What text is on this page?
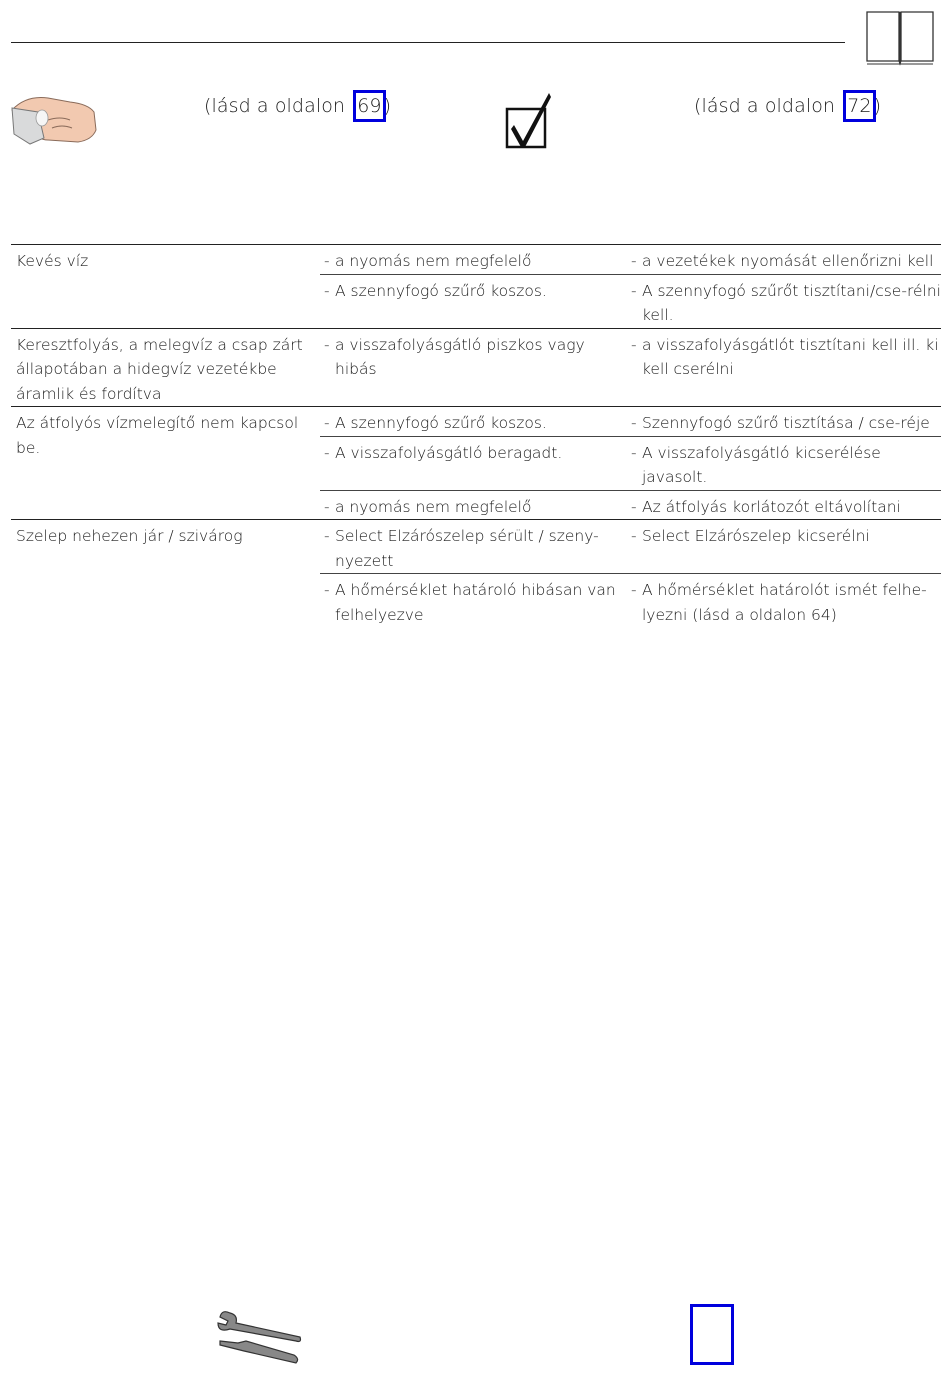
(lásd a oldalon 69 )	(lásd a oldalon 72 )
Kevés víz	- a nyomás nem megfelelő	- a vezetékek nyomását ellenőrizni kell

	- A szennyfogó szűrő koszos.	- A szennyfogó szűrőt tisztítani/cse-rélni kell.

Keresztfolyás, a melegvíz a csap zárt állapotában a hidegvíz vezetékbe áramlik és fordítva	- a visszafolyásgátló piszkos vagy hibás	- a visszafolyásgátlót tisztítani kell ill. ki kell cserélni

Az átfolyós vízmelegítő nem kapcsol be.	- A szennyfogó szűrő koszos.	- Szennyfogó szűrő tisztítása / cse-réje

	- A visszafolyásgátló beragadt.	- A visszafolyásgátló kicserélése javasolt.

	- a nyomás nem megfelelő	- Az átfolyás korlátozót eltávolítani

Szelep nehezen jár / szivárog	- Select Elzárószelep sérült / szeny-nyezett	- Select Elzárószelep kicserélni

	- A hőmérséklet határoló hibásan van felhelyezve	- A hőmérséklet határolót ismét felhe-lyezni (lásd a oldalon 64)
